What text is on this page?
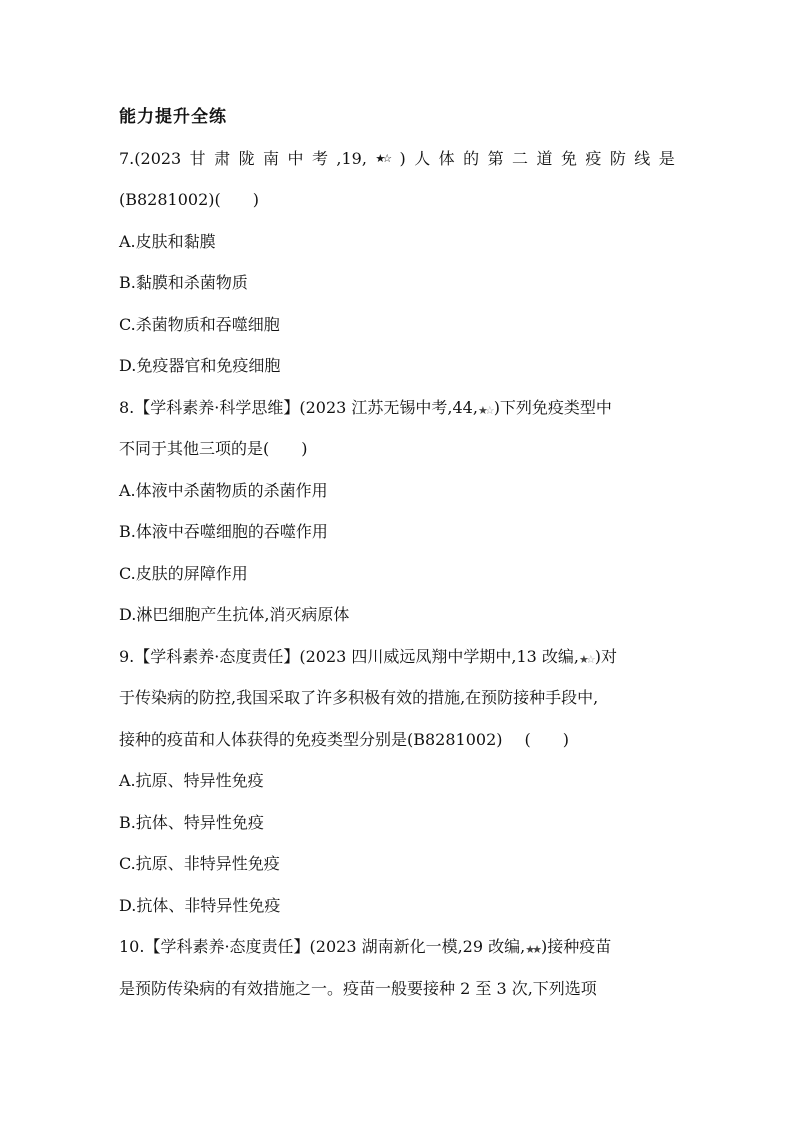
能力提升全练
7.(2023 甘 肃 陇 南 中 考 ,19, ★☆ ) 人 体 的 第 二 道 免 疫 防 线 是
(B8281002)( )
A.皮肤和黏膜
B.黏膜和杀菌物质
C.杀菌物质和吞噬细胞
D.免疫器官和免疫细胞
8.【学科素养·科学思维】(2023 江苏无锡中考,44,★☆ )下列免疫类型中
不同于其他三项的是( )
A.体液中杀菌物质的杀菌作用
B.体液中吞噬细胞的吞噬作用
C.皮肤的屏障作用
D.淋巴细胞产生抗体,消灭病原体
9.【学科素养·态度责任】(2023 四川威远凤翔中学期中,13 改编,★☆ )对
于传染病的防控,我国采取了许多积极有效的措施,在预防接种手段中,
接种的疫苗和人体获得的免疫类型分别是(B8281002) ( )
A.抗原、特异性免疫
B.抗体、特异性免疫
C.抗原、非特异性免疫
D.抗体、非特异性免疫
10.【学科素养·态度责任】(2023 湖南新化一模,29 改编,★★ )接种疫苗
是预防传染病的有效措施之一。疫苗一般要接种 2 至 3 次,下列选项
